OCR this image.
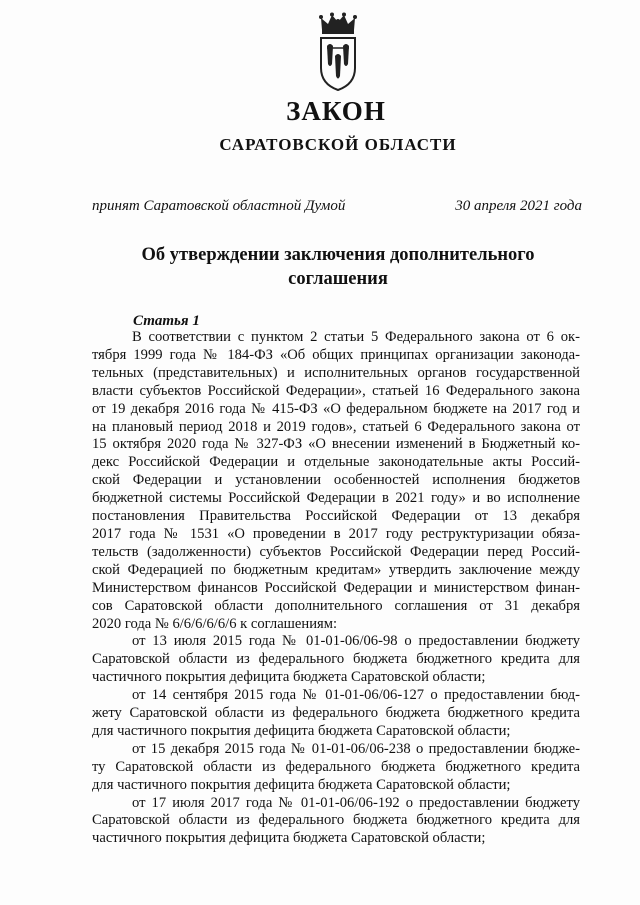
ЗАКОН
САРАТОВСКОЙ ОБЛАСТИ
принят Саратовской областной Думой	30 апреля 2021 года
Об утверждении заключения дополнительного
соглашения
Статья 1
В соответствии с пунктом 2 статьи 5 Федерального закона от 6 ок-
тября 1999 года № 184-ФЗ «Об общих принципах организации законода-
тельных (представительных) и исполнительных органов государственной
власти субъектов Российской Федерации», статьей 16 Федерального закона
от 19 декабря 2016 года № 415-ФЗ «О федеральном бюджете на 2017 год и
на плановый период 2018 и 2019 годов», статьей 6 Федерального закона от
15 октября 2020 года № 327-ФЗ «О внесении изменений в Бюджетный ко-
декс Российской Федерации и отдельные законодательные акты Россий-
ской Федерации и установлении особенностей исполнения бюджетов
бюджетной системы Российской Федерации в 2021 году» и во исполнение
постановления Правительства Российской Федерации от 13 декабря
2017 года № 1531 «О проведении в 2017 году реструктуризации обяза-
тельств (задолженности) субъектов Российской Федерации перед Россий-
ской Федерацией по бюджетным кредитам» утвердить заключение между
Министерством финансов Российской Федерации и министерством финан-
сов Саратовской области дополнительного соглашения от 31 декабря
2020 года № 6/6/6/6/6/6 к соглашениям:
от 13 июля 2015 года № 01-01-06/06-98 о предоставлении бюджету
Саратовской области из федерального бюджета бюджетного кредита для
частичного покрытия дефицита бюджета Саратовской области;
от 14 сентября 2015 года № 01-01-06/06-127 о предоставлении бюд-
жету Саратовской области из федерального бюджета бюджетного кредита
для частичного покрытия дефицита бюджета Саратовской области;
от 15 декабря 2015 года № 01-01-06/06-238 о предоставлении бюдже-
ту Саратовской области из федерального бюджета бюджетного кредита
для частичного покрытия дефицита бюджета Саратовской области;
от 17 июля 2017 года № 01-01-06/06-192 о предоставлении бюджету
Саратовской области из федерального бюджета бюджетного кредита для
частичного покрытия дефицита бюджета Саратовской области;
